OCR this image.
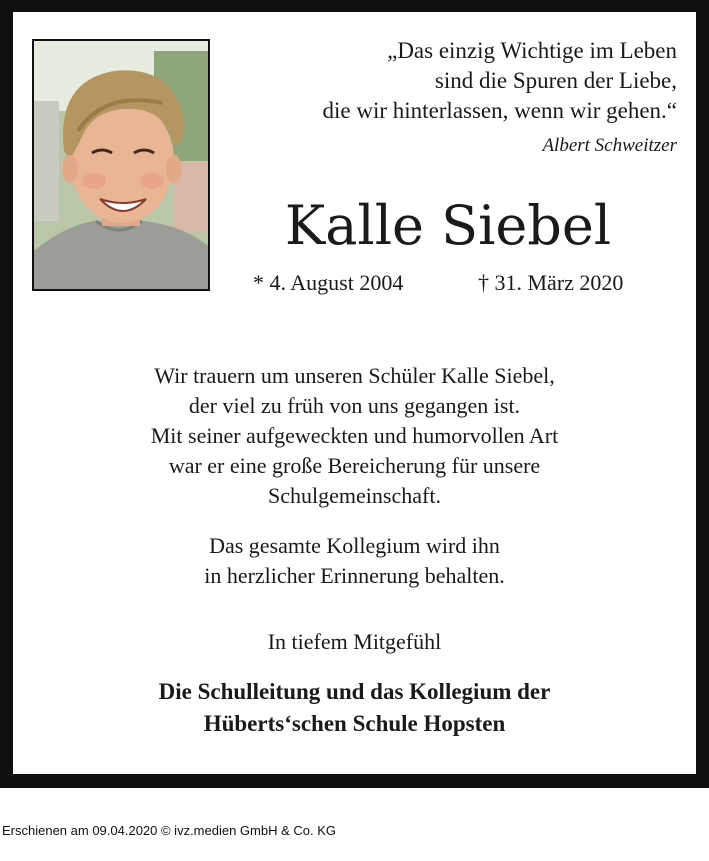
„Das einzig Wichtige im Leben
sind die Spuren der Liebe,
die wir hinterlassen, wenn wir gehen.“
Albert Schweitzer
Kalle Siebel
* 4. August 2004	† 31. März 2020
Wir trauern um unseren Schüler Kalle Siebel,
der viel zu früh von uns gegangen ist.
Mit seiner aufgeweckten und humorvollen Art
war er eine große Bereicherung für unsere
Schulgemeinschaft.
Das gesamte Kollegium wird ihn
in herzlicher Erinnerung behalten.
In tiefem Mitgefühl
Die Schulleitung und das Kollegium der
Hüberts‘schen Schule Hopsten
Erschienen am 09.04.2020 © ivz.medien GmbH & Co. KG
